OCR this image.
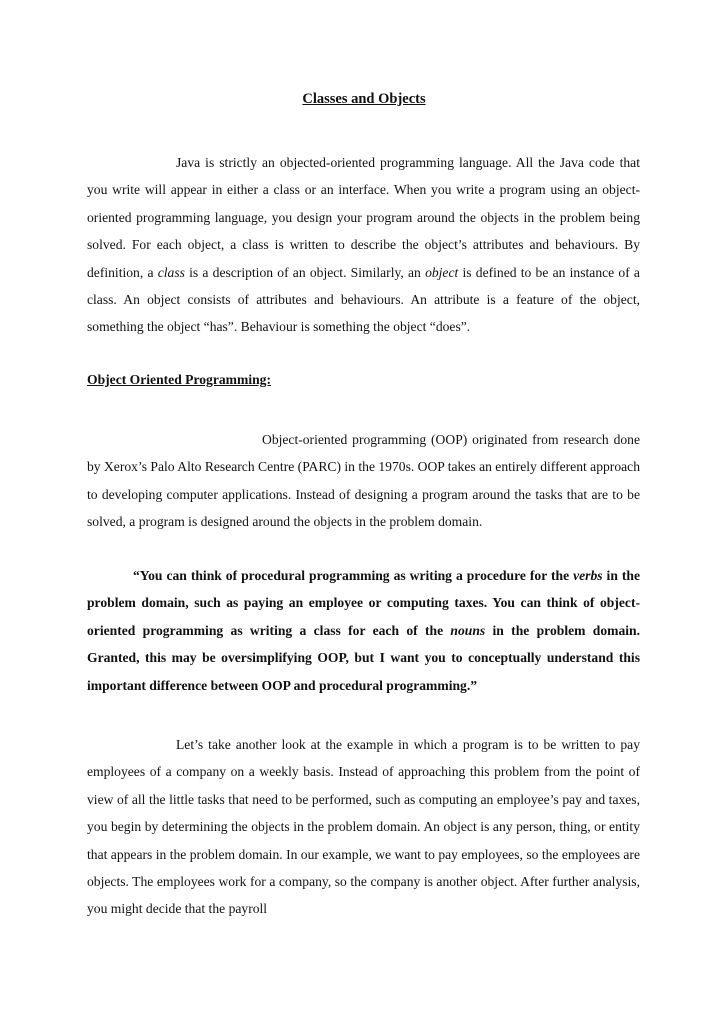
Classes and Objects

Java is strictly an objected-oriented programming language. All the Java code that you write will appear in either a class or an interface. When you write a program using an object-oriented programming language, you design your program around the objects in the problem being solved. For each object, a class is written to describe the object’s attributes and behaviours. By definition, a class is a description of an object. Similarly, an object is defined to be an instance of a class. An object consists of attributes and behaviours. An attribute is a feature of the object, something the object “has”. Behaviour is something the object “does”.

Object Oriented Programming:

Object-oriented programming (OOP) originated from research done by Xerox’s Palo Alto Research Centre (PARC) in the 1970s. OOP takes an entirely different approach to developing computer applications. Instead of designing a program around the tasks that are to be solved, a program is designed around the objects in the problem domain.

“You can think of procedural programming as writing a procedure for the verbs in the problem domain, such as paying an employee or computing taxes. You can think of object-oriented programming as writing a class for each of the nouns in the problem domain. Granted, this may be oversimplifying OOP, but I want you to conceptually understand this important difference between OOP and procedural programming.”

Let’s take another look at the example in which a program is to be written to pay employees of a company on a weekly basis. Instead of approaching this problem from the point of view of all the little tasks that need to be performed, such as computing an employee’s pay and taxes, you begin by determining the objects in the problem domain. An object is any person, thing, or entity that appears in the problem domain. In our example, we want to pay employees, so the employees are objects. The employees work for a company, so the company is another object. After further analysis, you might decide that the payroll
